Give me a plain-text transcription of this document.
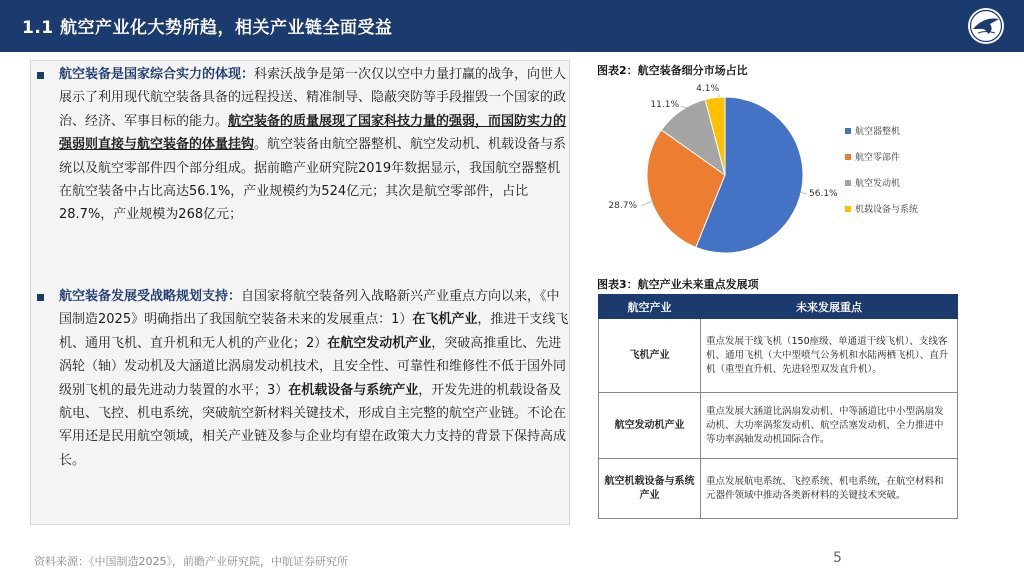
1.1 航空产业化大势所趋，相关产业链全面受益
航空装备是国家综合实力的体现：科索沃战争是第一次仅以空中力量打赢的战争，向世人展示了利用现代航空装备具备的远程投送、精准制导、隐蔽突防等手段摧毁一个国家的政治、经济、军事目标的能力。航空装备的质量展现了国家科技力量的强弱，而国防实力的强弱则直接与航空装备的体量挂钩。航空装备由航空器整机、航空发动机、机载设备与系统以及航空零部件四个部分组成。据前瞻产业研究院2019年数据显示，我国航空器整机在航空装备中占比高达56.1%，产业规模约为524亿元；其次是航空零部件，占比28.7%，产业规模为268亿元；
航空装备发展受战略规划支持：自国家将航空装备列入战略新兴产业重点方向以来，《中国制造2025》明确指出了我国航空装备未来的发展重点：1）在飞机产业，推进干支线飞机、通用飞机、直升机和无人机的产业化；2）在航空发动机产业，突破高推重比、先进涡轮（轴）发动机及大涵道比涡扇发动机技术，且安全性、可靠性和维修性不低于国外同级别飞机的最先进动力装置的水平；3）在机载设备与系统产业，开发先进的机载设备及航电、飞控、机电系统，突破航空新材料关键技术，形成自主完整的航空产业链。不论在军用还是民用航空领域，相关产业链及参与企业均有望在政策大力支持的背景下保持高成长。
图表2：航空装备细分市场占比
56.1%
28.7%
11.1%
4.1%
航空器整机
航空零部件
航空发动机
机载设备与系统
图表3：航空产业未来重点发展项
航空产业	未来发展重点
飞机产业	重点发展干线飞机（150座级、单通道干线飞机）、支线客机、通用飞机（大中型喷气公务机和水陆两栖飞机）、直升机（重型直升机、先进轻型双发直升机）。
航空发动机产业	重点发展大涵道比涡扇发动机、中等涵道比中小型涡扇发动机、大功率涡浆发动机、航空活塞发动机，全力推进中等功率涡轴发动机国际合作。
航空机载设备与系统产业	重点发展航电系统、飞控系统、机电系统，在航空材料和元器件领域中推动各类新材料的关键技术突破。
资料来源：《中国制造2025》，前瞻产业研究院，中航证券研究所	5
